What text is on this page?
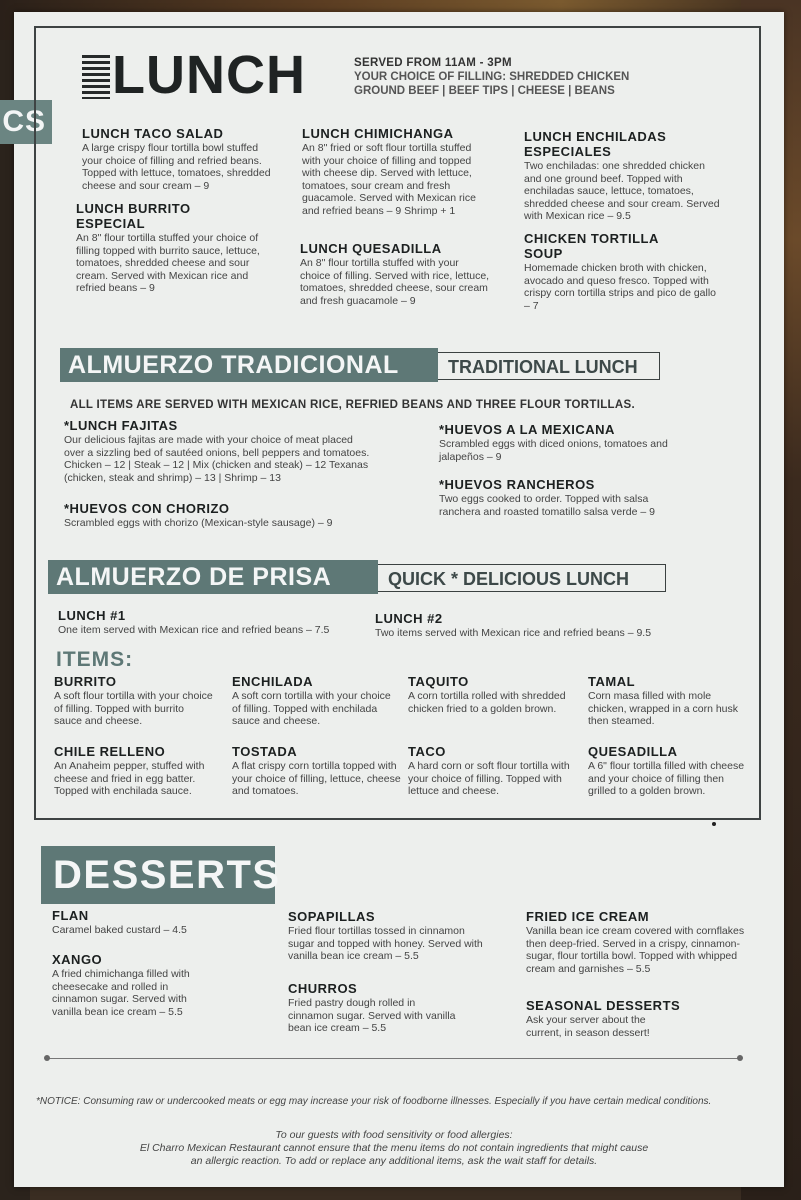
CS
LUNCH	SERVED FROM 11AM - 3PM
YOUR CHOICE OF FILLING: SHREDDED CHICKEN
GROUND BEEF | BEEF TIPS | CHEESE | BEANS
LUNCH TACO SALAD

A large crispy flour tortilla bowl stuffed your choice of filling and refried beans. Topped with lettuce, tomatoes, shredded cheese and sour cream – 9

LUNCH BURRITO ESPECIAL

An 8" flour tortilla stuffed your choice of filling topped with burrito sauce, lettuce, tomatoes, shredded cheese and sour cream. Served with Mexican rice and refried beans – 9

LUNCH CHIMICHANGA

An 8" fried or soft flour tortilla stuffed with your choice of filling and topped with cheese dip. Served with lettuce, tomatoes, sour cream and fresh guacamole. Served with Mexican rice and refried beans – 9 Shrimp + 1

LUNCH QUESADILLA

An 8" flour tortilla stuffed with your choice of filling. Served with rice, lettuce, tomatoes, shredded cheese, sour cream and fresh guacamole – 9

LUNCH ENCHILADAS ESPECIALES

Two enchiladas: one shredded chicken and one ground beef. Topped with enchiladas sauce, lettuce, tomatoes, shredded cheese and sour cream. Served with Mexican rice – 9.5

CHICKEN TORTILLA SOUP

Homemade chicken broth with chicken, avocado and queso fresco. Topped with crispy corn tortilla strips and pico de gallo – 7

ALMUERZO TRADICIONAL	TRADITIONAL LUNCH
ALL ITEMS ARE SERVED WITH MEXICAN RICE, REFRIED BEANS AND THREE FLOUR TORTILLAS.
*LUNCH FAJITAS

Our delicious fajitas are made with your choice of meat placed over a sizzling bed of sautéed onions, bell peppers and tomatoes. Chicken – 12 | Steak – 12 | Mix (chicken and steak) – 12 Texanas (chicken, steak and shrimp) – 13 | Shrimp – 13

*HUEVOS CON CHORIZO

Scrambled eggs with chorizo (Mexican-style sausage) – 9

*HUEVOS A LA MEXICANA

Scrambled eggs with diced onions, tomatoes and jalapeños – 9

*HUEVOS RANCHEROS

Two eggs cooked to order. Topped with salsa ranchera and roasted tomatillo salsa verde – 9

ALMUERZO DE PRISA	QUICK * DELICIOUS LUNCH
LUNCH #1

One item served with Mexican rice and refried beans – 7.5

LUNCH #2

Two items served with Mexican rice and refried beans – 9.5

ITEMS:
BURRITO

A soft flour tortilla with your choice of filling. Topped with burrito sauce and cheese.

ENCHILADA

A soft corn tortilla with your choice of filling. Topped with enchilada sauce and cheese.

TAQUITO

A corn tortilla rolled with shredded chicken fried to a golden brown.

TAMAL

Corn masa filled with mole chicken, wrapped in a corn husk then steamed.

CHILE RELLENO

An Anaheim pepper, stuffed with cheese and fried in egg batter. Topped with enchilada sauce.

TOSTADA

A flat crispy corn tortilla topped with your choice of filling, lettuce, cheese and tomatoes.

TACO

A hard corn or soft flour tortilla with your choice of filling. Topped with lettuce and cheese.

QUESADILLA

A 6" flour tortilla filled with cheese and your choice of filling then grilled to a golden brown.

DESSERTS
FLAN

Caramel baked custard – 4.5

XANGO

A fried chimichanga filled with cheesecake and rolled in cinnamon sugar. Served with vanilla bean ice cream – 5.5

SOPAPILLAS

Fried flour tortillas tossed in cinnamon sugar and topped with honey. Served with vanilla bean ice cream – 5.5

CHURROS

Fried pastry dough rolled in cinnamon sugar. Served with vanilla bean ice cream – 5.5

FRIED ICE CREAM

Vanilla bean ice cream covered with cornflakes then deep-fried. Served in a crispy, cinnamon-sugar, flour tortilla bowl. Topped with whipped cream and garnishes – 5.5

SEASONAL DESSERTS

Ask your server about the current, in season dessert!

*NOTICE: Consuming raw or undercooked meats or egg may increase your risk of foodborne illnesses. Especially if you have certain medical conditions.
To our guests with food sensitivity or food allergies:
El Charro Mexican Restaurant cannot ensure that the menu items do not contain ingredients that might cause
an allergic reaction. To add or replace any additional items, ask the wait staff for details.
